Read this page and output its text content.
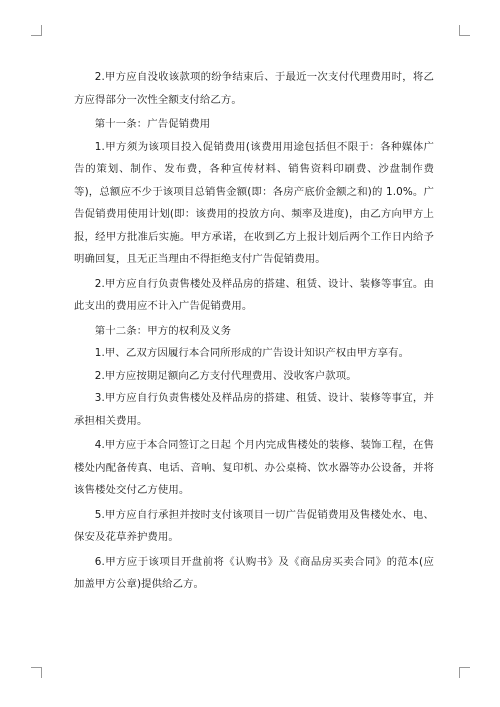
2.甲方应自没收该款项的纷争结束后、于最近一次支付代理费用时，将乙方应得部分一次性全额支付给乙方。

第十一条：广告促销费用

1.甲方须为该项目投入促销费用(该费用用途包括但不限于：各种媒体广告的策划、制作、发布费，各种宣传材料、销售资料印刷费、沙盘制作费等)，总额应不少于该项目总销售金额(即：各房产底价金额之和)的 1.0%。广告促销费用使用计划(即：该费用的投放方向、频率及进度)，由乙方向甲方上报，经甲方批准后实施。甲方承诺，在收到乙方上报计划后两个工作日内给予明确回复，且无正当理由不得拒绝支付广告促销费用。

2.甲方应自行负责售楼处及样品房的搭建、租赁、设计、装修等事宜。由此支出的费用应不计入广告促销费用。

第十二条：甲方的权利及义务

1.甲、乙双方因履行本合同所形成的广告设计知识产权由甲方享有。

2.甲方应按期足额向乙方支付代理费用、没收客户款项。

3.甲方应自行负责售楼处及样品房的搭建、租赁、设计、装修等事宜，并承担相关费用。

4.甲方应于本合同签订之日起 个月内完成售楼处的装修、装饰工程，在售楼处内配备传真、电话、音响、复印机、办公桌椅、饮水器等办公设备，并将该售楼处交付乙方使用。

5.甲方应自行承担并按时支付该项目一切广告促销费用及售楼处水、电、保安及花草养护费用。

6.甲方应于该项目开盘前将《认购书》及《商品房买卖合同》的范本(应加盖甲方公章)提供给乙方。
